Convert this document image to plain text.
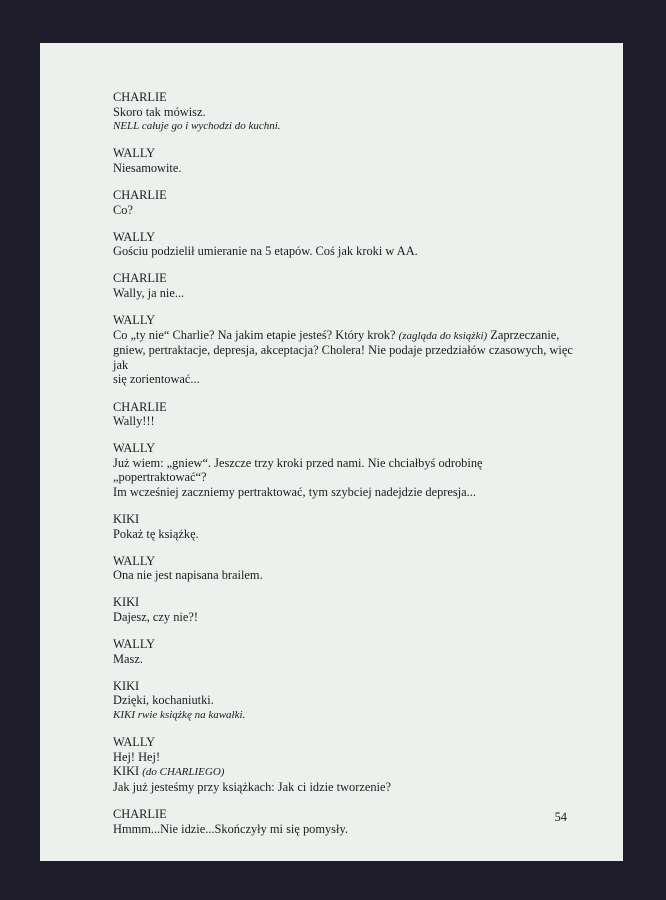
CHARLIE
Skoro tak mówisz.
NELL całuje go i wychodzi do kuchni.
WALLY
Niesamowite.
CHARLIE
Co?
WALLY
Gościu podzielił umieranie na 5 etapów. Coś jak kroki w AA.
CHARLIE
Wally, ja nie...
WALLY
Co „ty nie“ Charlie? Na jakim etapie jesteś? Który krok? (zagląda do książki) Zaprzeczanie,
gniew, pertraktacje, depresja, akceptacja? Cholera! Nie podaje przedziałów czasowych, więc jak
się zorientować...
CHARLIE
Wally!!!
WALLY
Już wiem: „gniew“. Jeszcze trzy kroki przed nami. Nie chciałbyś odrobinę
„popertraktować“?
Im wcześniej zaczniemy pertraktować, tym szybciej nadejdzie depresja...
KIKI
Pokaż tę książkę.
WALLY
Ona nie jest napisana brailem.
KIKI
Dajesz, czy nie?!
WALLY
Masz.
KIKI
Dzięki, kochaniutki.
KIKI rwie książkę na kawałki.
WALLY
Hej! Hej!
KIKI (do CHARLIEGO)
Jak już jesteśmy przy książkach: Jak ci idzie tworzenie?
CHARLIE
Hmmm...Nie idzie...Skończyły mi się pomysły.
54
